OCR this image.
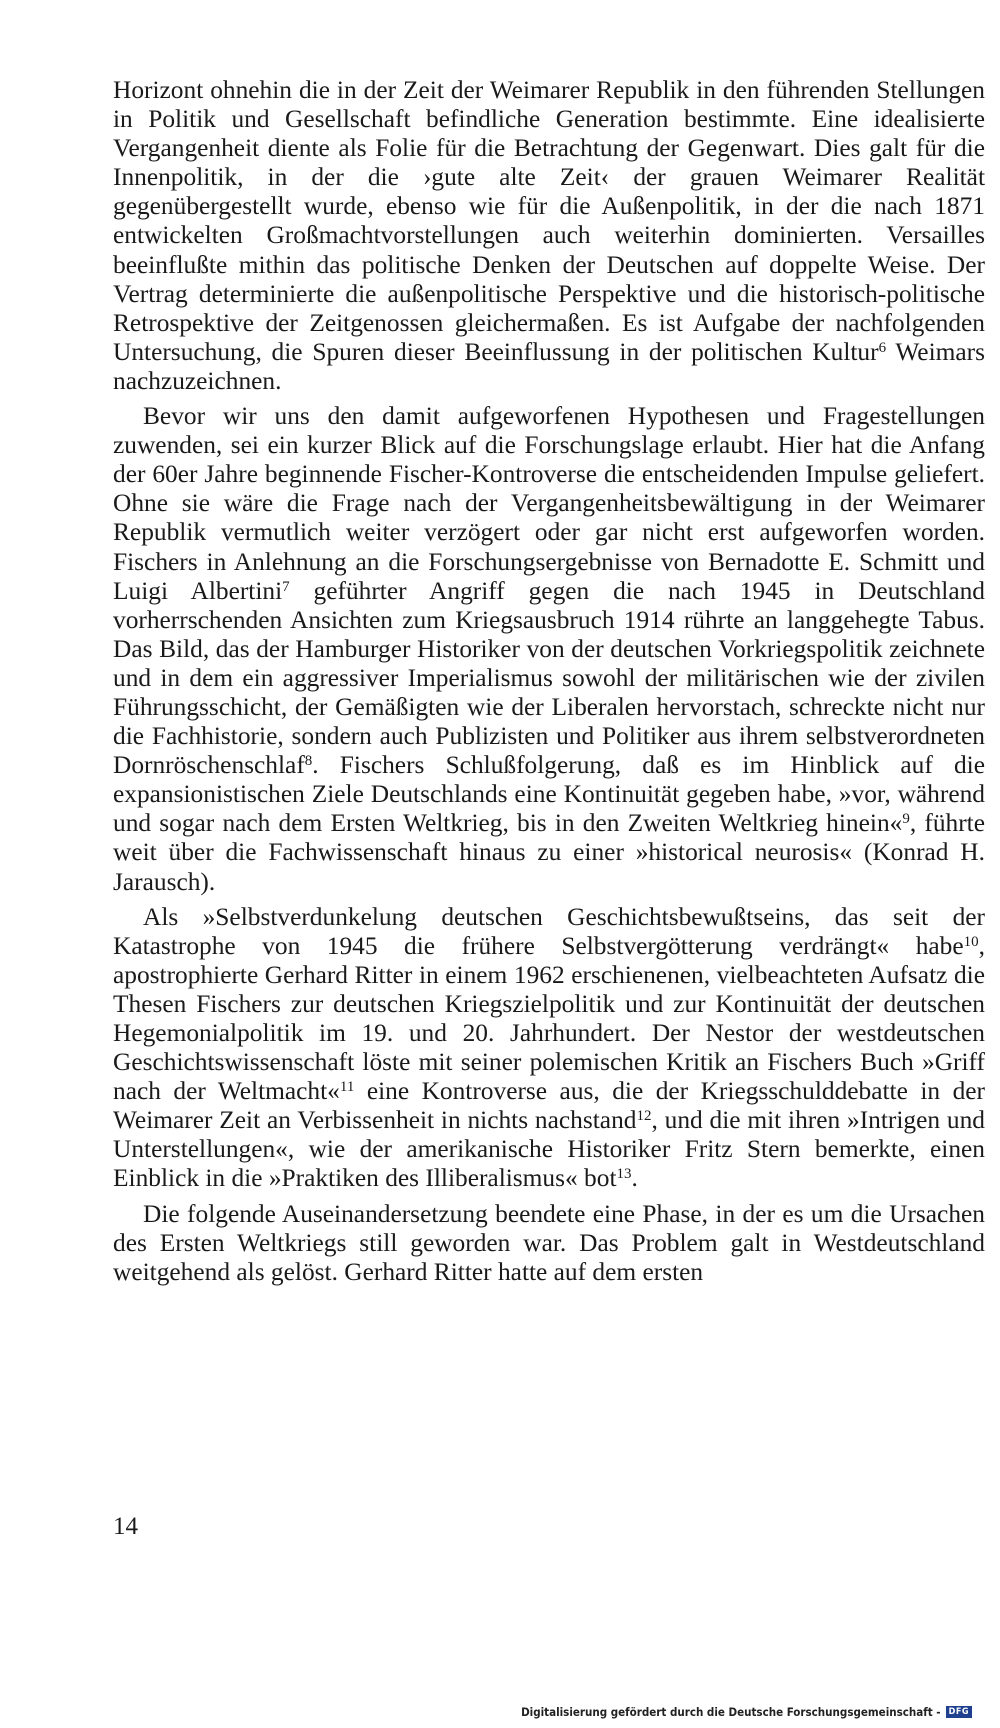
Horizont ohnehin die in der Zeit der Weimarer Republik in den führenden Stellungen in Politik und Gesellschaft befindliche Generation bestimmte. Eine idealisierte Vergangenheit diente als Folie für die Betrachtung der Gegenwart. Dies galt für die Innenpolitik, in der die ›gute alte Zeit‹ der grauen Weimarer Realität gegenübergestellt wurde, ebenso wie für die Außenpolitik, in der die nach 1871 entwickelten Großmachtvorstellungen auch weiterhin dominierten. Versailles beeinflußte mithin das politische Denken der Deutschen auf doppelte Weise. Der Vertrag determinierte die außenpolitische Perspektive und die historisch-politische Retrospektive der Zeitgenossen gleichermaßen. Es ist Aufgabe der nachfolgenden Untersuchung, die Spuren dieser Beeinflussung in der politischen Kultur$^6$ Weimars nachzuzeichnen.

Bevor wir uns den damit aufgeworfenen Hypothesen und Fragestellungen zuwenden, sei ein kurzer Blick auf die Forschungslage erlaubt. Hier hat die Anfang der 60er Jahre beginnende Fischer-Kontroverse die entscheidenden Impulse geliefert. Ohne sie wäre die Frage nach der Vergangenheitsbewältigung in der Weimarer Republik vermutlich weiter verzögert oder gar nicht erst aufgeworfen worden. Fischers in Anlehnung an die Forschungsergebnisse von Bernadotte E. Schmitt und Luigi Albertini$^7$ geführter Angriff gegen die nach 1945 in Deutschland vorherrschenden Ansichten zum Kriegsausbruch 1914 rührte an langgehegte Tabus. Das Bild, das der Hamburger Historiker von der deutschen Vorkriegspolitik zeichnete und in dem ein aggressiver Imperialismus sowohl der militärischen wie der zivilen Führungsschicht, der Gemäßigten wie der Liberalen hervorstach, schreckte nicht nur die Fachhistorie, sondern auch Publizisten und Politiker aus ihrem selbstverordneten Dornröschenschlaf$^8$. Fischers Schlußfolgerung, daß es im Hinblick auf die expansionistischen Ziele Deutschlands eine Kontinuität gegeben habe, »vor, während und sogar nach dem Ersten Weltkrieg, bis in den Zweiten Weltkrieg hinein«$^9$, führte weit über die Fachwissenschaft hinaus zu einer »historical neurosis« (Konrad H. Jarausch).

Als »Selbstverdunkelung deutschen Geschichtsbewußtseins, das seit der Katastrophe von 1945 die frühere Selbstvergötterung verdrängt« habe$^{10}$, apostrophierte Gerhard Ritter in einem 1962 erschienenen, vielbeachteten Aufsatz die Thesen Fischers zur deutschen Kriegszielpolitik und zur Kontinuität der deutschen Hegemonialpolitik im 19. und 20. Jahrhundert. Der Nestor der westdeutschen Geschichtswissenschaft löste mit seiner polemischen Kritik an Fischers Buch »Griff nach der Weltmacht«$^{11}$ eine Kontroverse aus, die der Kriegsschulddebatte in der Weimarer Zeit an Verbissenheit in nichts nachstand$^{12}$, und die mit ihren »Intrigen und Unterstellungen«, wie der amerikanische Historiker Fritz Stern bemerkte, einen Einblick in die »Praktiken des Illiberalismus« bot$^{13}$.

Die folgende Auseinandersetzung beendete eine Phase, in der es um die Ursachen des Ersten Weltkriegs still geworden war. Das Problem galt in Westdeutschland weitgehend als gelöst. Gerhard Ritter hatte auf dem ersten

14
Digitalisierung gefördert durch die Deutsche Forschungsgemeinschaft - DFG
